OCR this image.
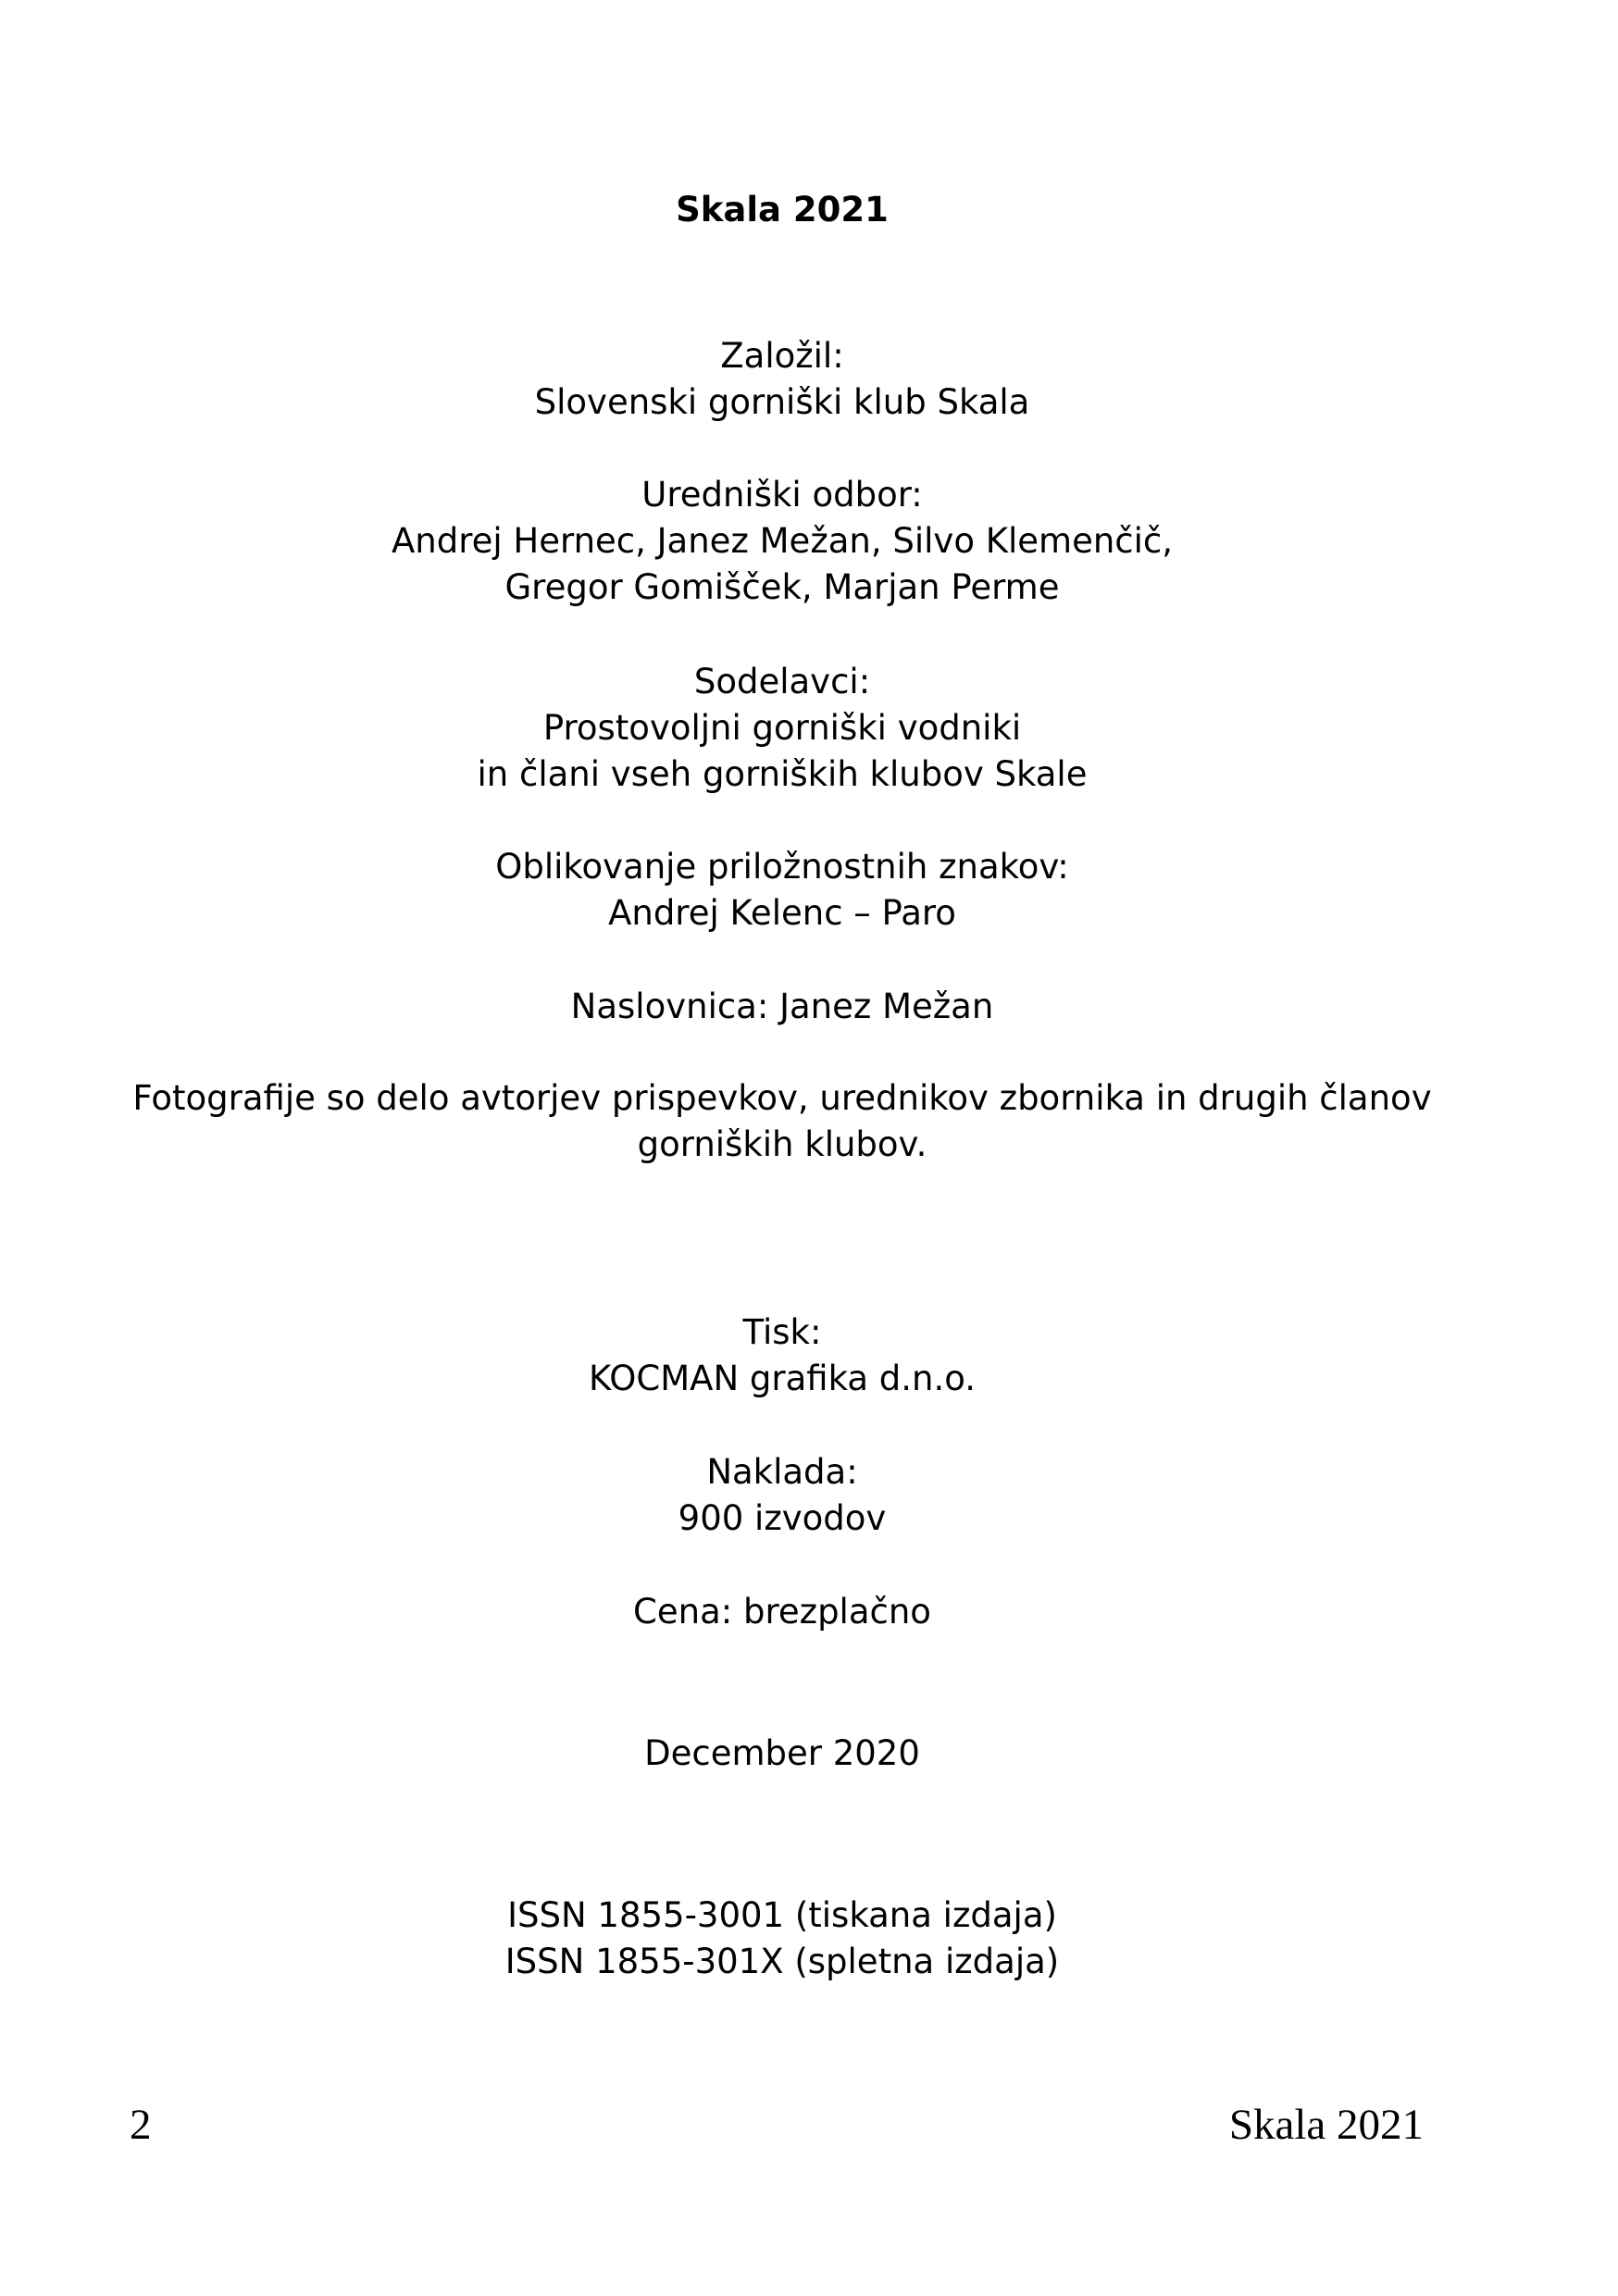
Skala 2021
Založil:
Slovenski gorniški klub Skala
Uredniški odbor:
Andrej Hernec, Janez Mežan, Silvo Klemenčič,
Gregor Gomišček, Marjan Perme
Sodelavci:
Prostovoljni gorniški vodniki
in člani vseh gorniških klubov Skale
Oblikovanje priložnostnih znakov:
Andrej Kelenc – Paro
Naslovnica: Janez Mežan
Fotografije so delo avtorjev prispevkov, urednikov zbornika in drugih članov
gorniških klubov.
Tisk:
KOCMAN grafika d.n.o.
Naklada:
900 izvodov
Cena: brezplačno
December 2020
ISSN 1855-3001 (tiskana izdaja)
ISSN 1855-301X (spletna izdaja)
2	Skala 2021
